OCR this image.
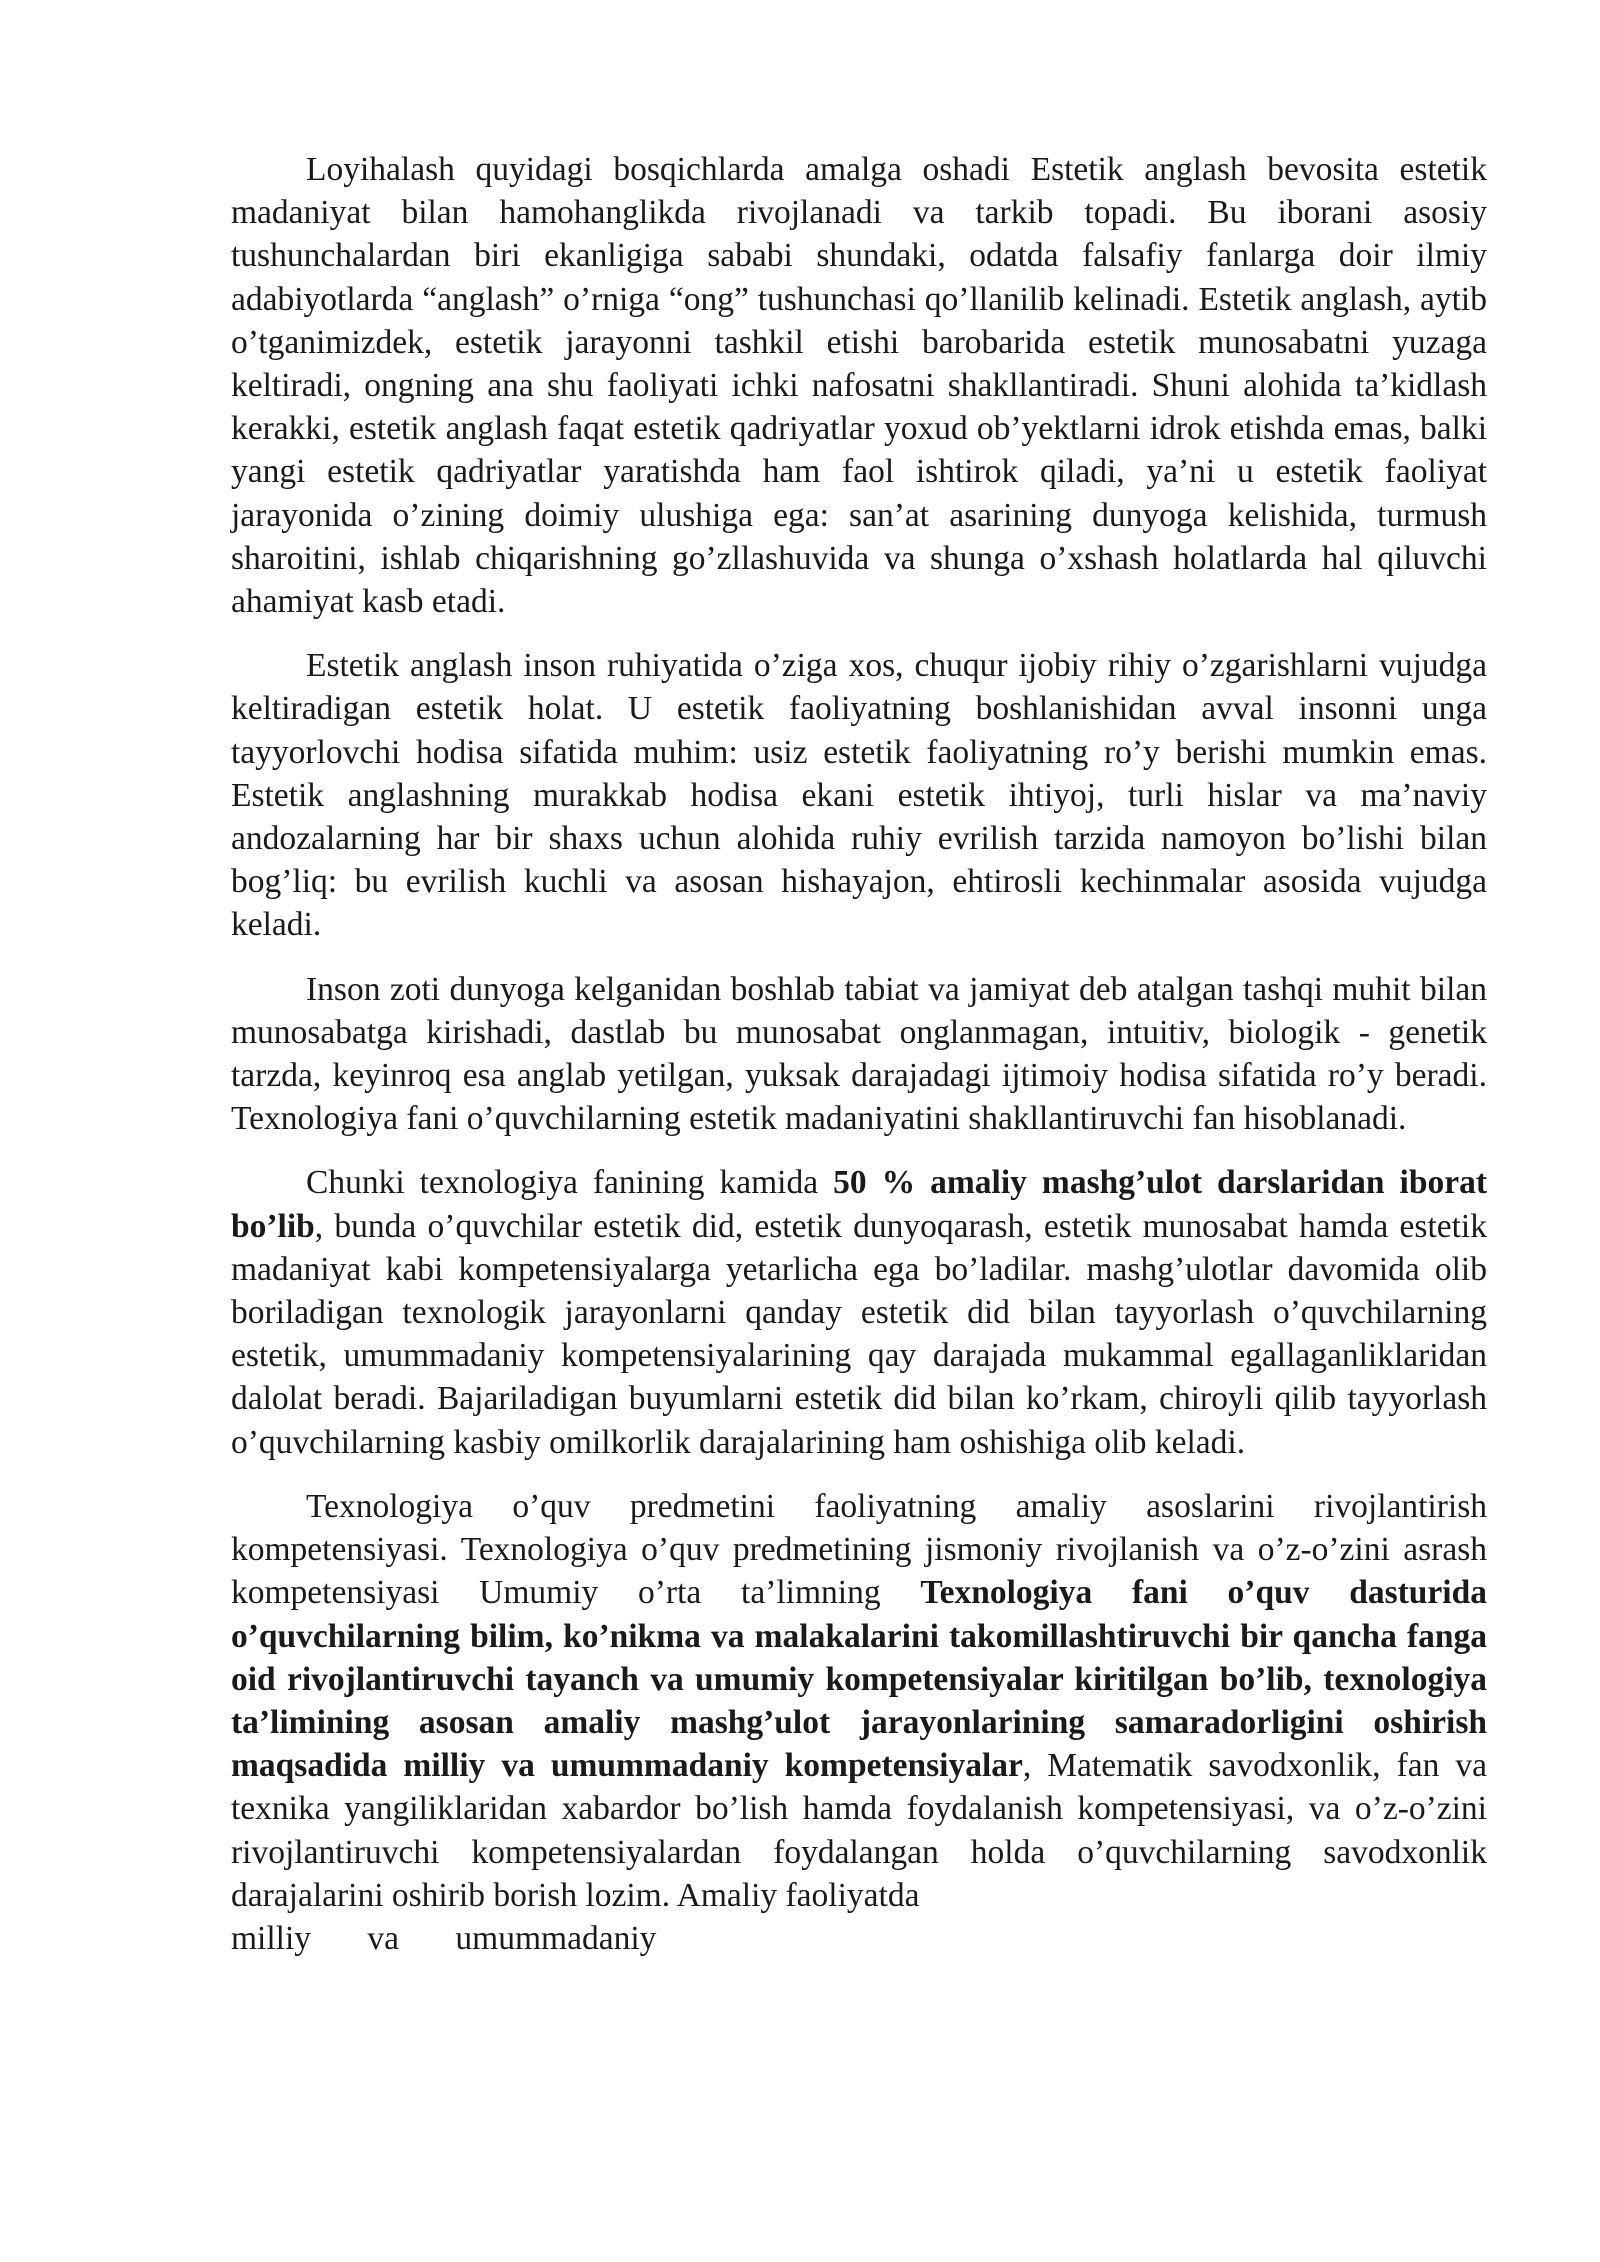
Loyihalash quyidagi bosqichlarda amalga oshadi Estetik anglash bevosita estetik madaniyat bilan hamohanglikda rivojlanadi va tarkib topadi. Bu iborani asosiy tushunchalardan biri ekanligiga sababi shundaki, odatda falsafiy fanlarga doir ilmiy adabiyotlarda “anglash” o’rniga “ong” tushunchasi qo’llanilib kelinadi. Estetik anglash, aytib o’tganimizdek, estetik jarayonni tashkil etishi barobarida estetik munosabatni yuzaga keltiradi, ongning ana shu faoliyati ichki nafosatni shakllantiradi. Shuni alohida ta’kidlash kerakki, estetik anglash faqat estetik qadriyatlar yoxud ob’yektlarni idrok etishda emas, balki yangi estetik qadriyatlar yaratishda ham faol ishtirok qiladi, ya’ni u estetik faoliyat jarayonida o’zining doimiy ulushiga ega: san’at asarining dunyoga kelishida, turmush sharoitini, ishlab chiqarishning go’zllashuvida va shunga o’xshash holatlarda hal qiluvchi ahamiyat kasb etadi.

Estetik anglash inson ruhiyatida o’ziga xos, chuqur ijobiy rihiy o’zgarishlarni vujudga keltiradigan estetik holat. U estetik faoliyatning boshlanishidan avval insonni unga tayyorlovchi hodisa sifatida muhim: usiz estetik faoliyatning ro’y berishi mumkin emas. Estetik anglashning murakkab hodisa ekani estetik ihtiyoj, turli hislar va ma’naviy andozalarning har bir shaxs uchun alohida ruhiy evrilish tarzida namoyon bo’lishi bilan bog’liq: bu evrilish kuchli va asosan hishayajon, ehtirosli kechinmalar asosida vujudga keladi.

Inson zoti dunyoga kelganidan boshlab tabiat va jamiyat deb atalgan tashqi muhit bilan munosabatga kirishadi, dastlab bu munosabat onglanmagan, intuitiv, biologik - genetik tarzda, keyinroq esa anglab yetilgan, yuksak darajadagi ijtimoiy hodisa sifatida ro’y beradi. Texnologiya fani o’quvchilarning estetik madaniyatini shakllantiruvchi fan hisoblanadi.

Chunki texnologiya fanining kamida 50 % amaliy mashg’ulot darslaridan iborat bo’lib, bunda o’quvchilar estetik did, estetik dunyoqarash, estetik munosabat hamda estetik madaniyat kabi kompetensiyalarga yetarlicha ega bo’ladilar. mashg’ulotlar davomida olib boriladigan texnologik jarayonlarni qanday estetik did bilan tayyorlash o’quvchilarning estetik, umummadaniy kompetensiyalarining qay darajada mukammal egallaganliklaridan dalolat beradi. Bajariladigan buyumlarni estetik did bilan ko’rkam, chiroyli qilib tayyorlash o’quvchilarning kasbiy omilkorlik darajalarining ham oshishiga olib keladi.

Texnologiya o’quv predmetini faoliyatning amaliy asoslarini rivojlantirish kompetensiyasi. Texnologiya o’quv predmetining jismoniy rivojlanish va o’z-o’zini asrash kompetensiyasi Umumiy o’rta ta’limning Texnologiya fani o’quv dasturida o’quvchilarning bilim, ko’nikma va malakalarini takomillashtiruvchi bir qancha fanga oid rivojlantiruvchi tayanch va umumiy kompetensiyalar kiritilgan bo’lib, texnologiya ta’limining asosan amaliy mashg’ulot jarayonlarining samaradorligini oshirish maqsadida milliy va umummadaniy kompetensiyalar, Matematik savodxonlik, fan va texnika yangiliklaridan xabardor bo’lish hamda foydalanish kompetensiyasi, va o’z-o’zini rivojlantiruvchi kompetensiyalardan foydalangan holda o’quvchilarning savodxonlik darajalarini oshirib borish lozim. Amaliy faoliyatda
milliy va umummadaniy
